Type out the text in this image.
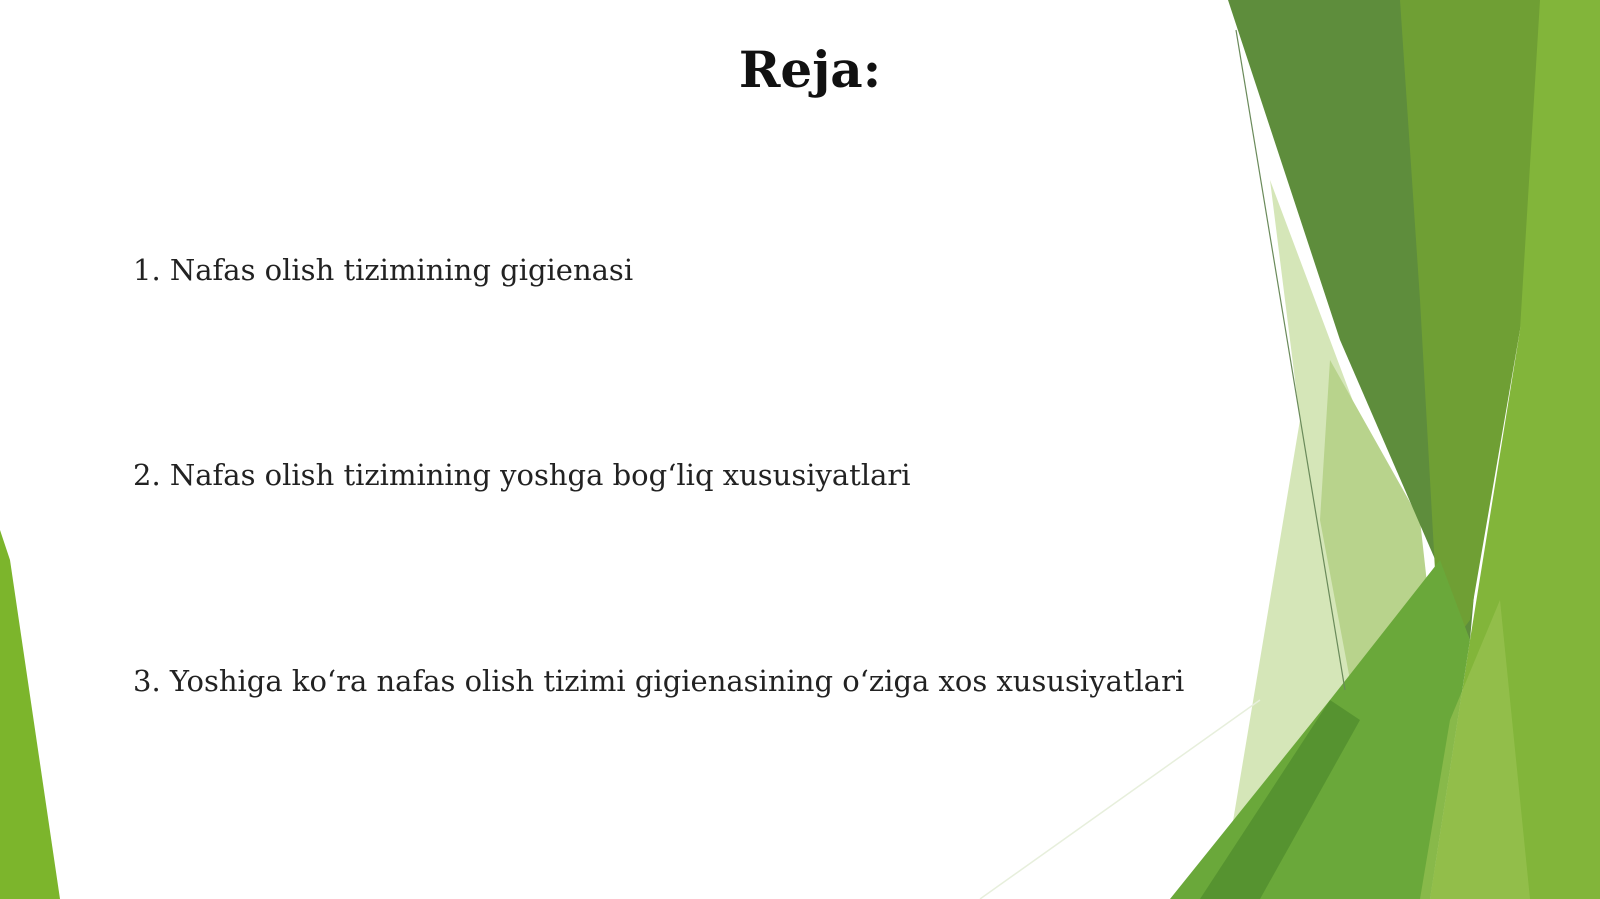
Reja:
1. Nafas olish tizimining gigienasi
2. Nafas olish tizimining yoshga bog‘liq xususiyatlari
3. Yoshiga ko‘ra nafas olish tizimi gigienasining o‘ziga xos xususiyatlari
